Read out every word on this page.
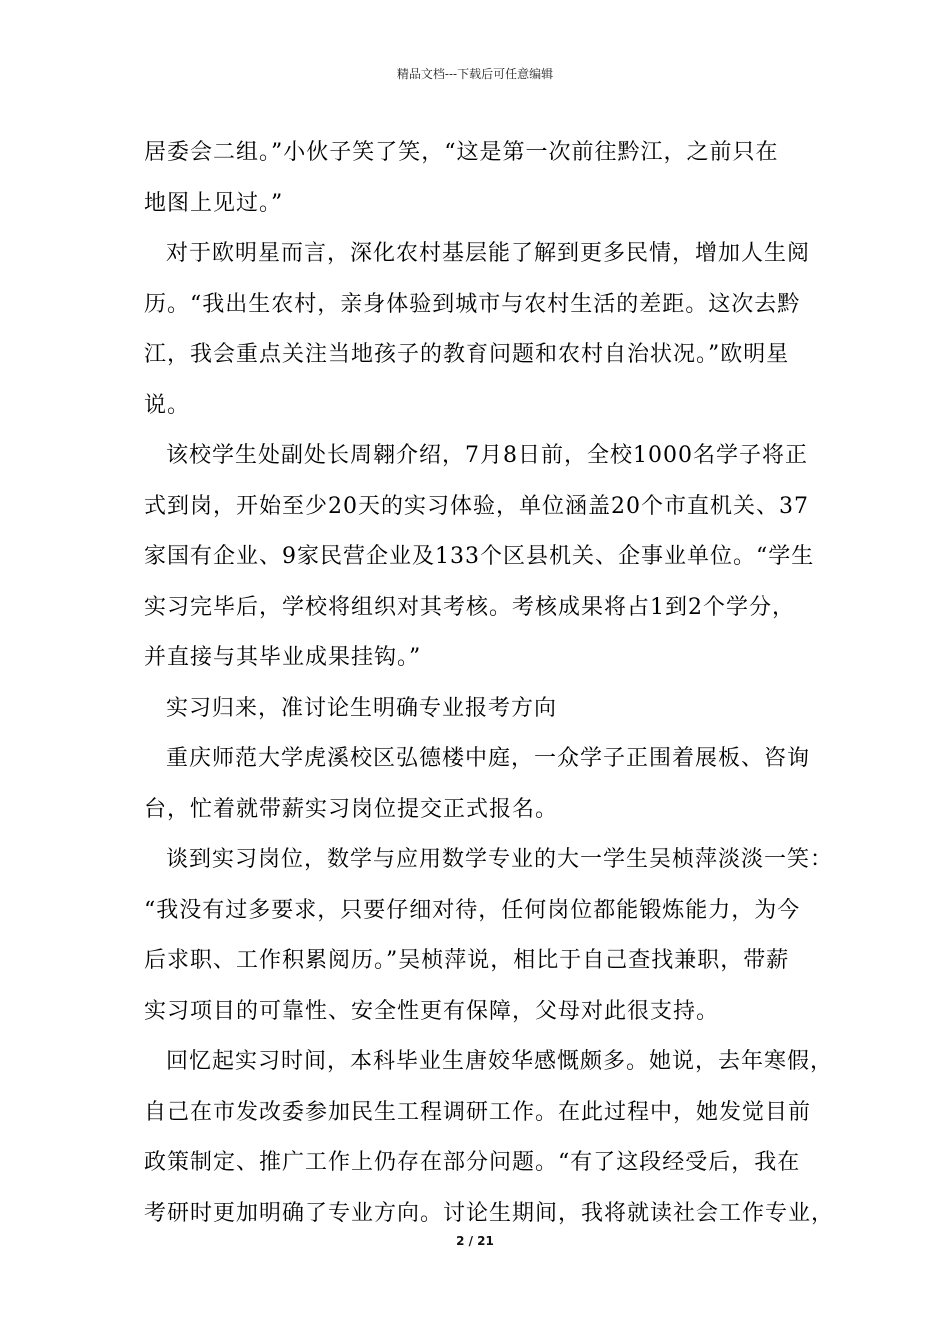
精品文档---下载后可任意编辑
居委会二组。”小伙子笑了笑，“这是第一次前往黔江，之前只在
地图上见过。”
对于欧明星而言，深化农村基层能了解到更多民情，增加人生阅
历。“我出生农村，亲身体验到城市与农村生活的差距。这次去黔
江，我会重点关注当地孩子的教育问题和农村自治状况。”欧明星
说。
该校学生处副处长周翱介绍，7月8日前，全校1000名学子将正
式到岗，开始至少20天的实习体验，单位涵盖20个市直机关、37
家国有企业、9家民营企业及133个区县机关、企事业单位。“学生
实习完毕后，学校将组织对其考核。考核成果将占1到2个学分，
并直接与其毕业成果挂钩。”
实习归来，准讨论生明确专业报考方向
重庆师范大学虎溪校区弘德楼中庭，一众学子正围着展板、咨询
台，忙着就带薪实习岗位提交正式报名。
谈到实习岗位，数学与应用数学专业的大一学生吴桢萍淡淡一笑：
“我没有过多要求，只要仔细对待，任何岗位都能锻炼能力，为今
后求职、工作积累阅历。”吴桢萍说，相比于自己查找兼职，带薪
实习项目的可靠性、安全性更有保障，父母对此很支持。
回忆起实习时间，本科毕业生唐姣华感慨颇多。她说，去年寒假，
自己在市发改委参加民生工程调研工作。在此过程中，她发觉目前
政策制定、推广工作上仍存在部分问题。“有了这段经受后，我在
考研时更加明确了专业方向。讨论生期间，我将就读社会工作专业，
2 / 21
